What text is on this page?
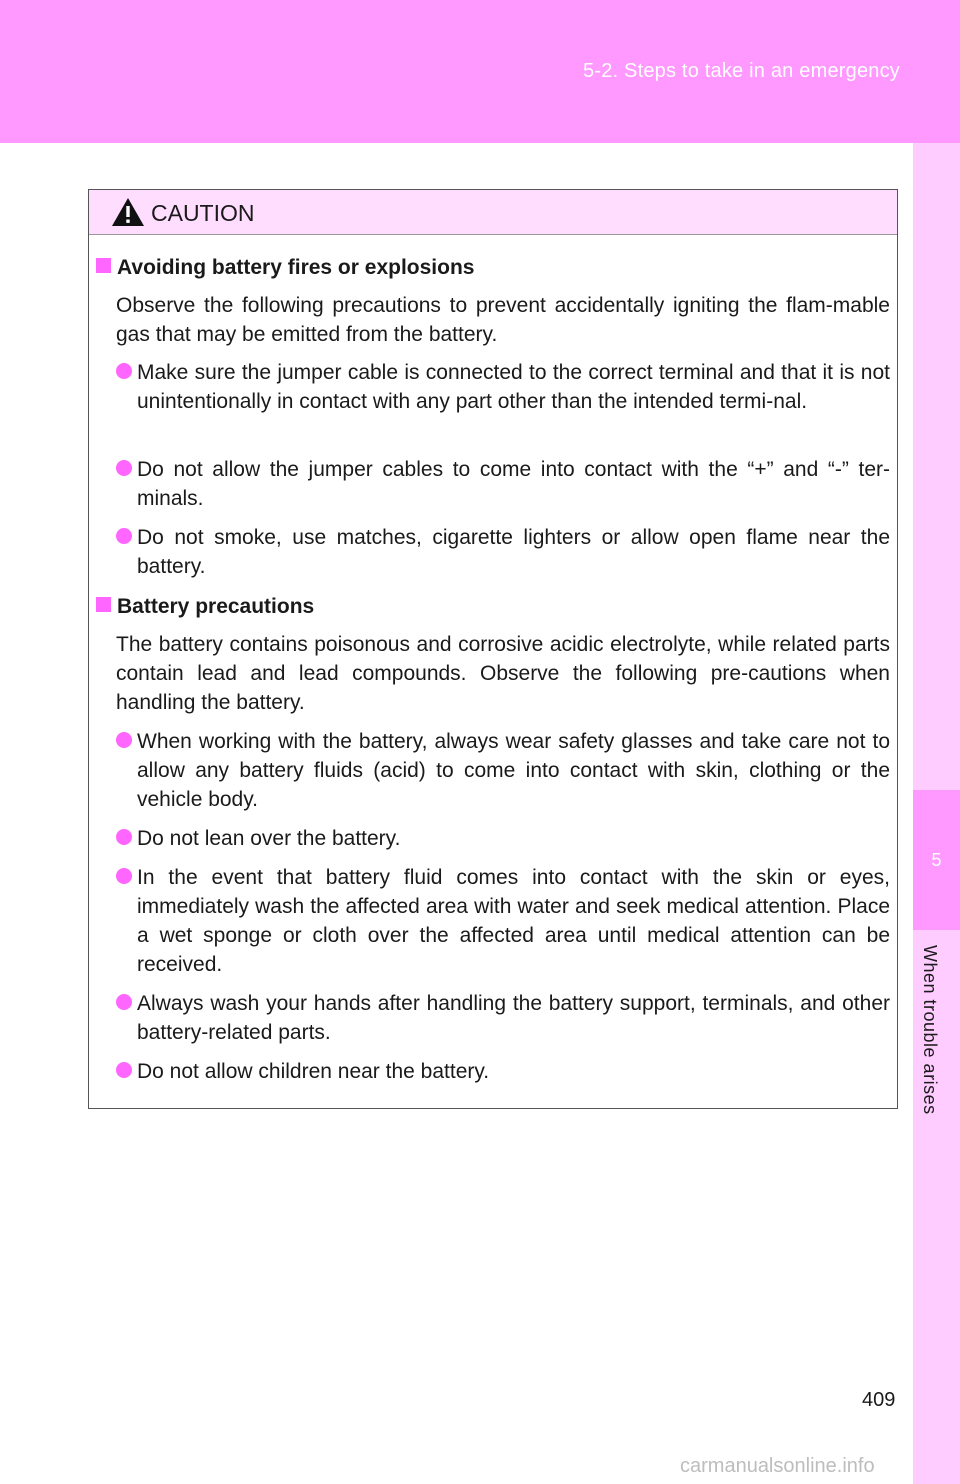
5-2. Steps to take in an emergency
5
When trouble arises
CAUTION
Avoiding battery fires or explosions
Observe the following precautions to prevent accidentally igniting the flam-mable gas that may be emitted from the battery.
Make sure the jumper cable is connected to the correct terminal and that it is not unintentionally in contact with any part other than the intended termi-nal.
Do not allow the jumper cables to come into contact with the “+” and “-” ter-minals.
Do not smoke, use matches, cigarette lighters or allow open flame near the battery.
Battery precautions
The battery contains poisonous and corrosive acidic electrolyte, while related parts contain lead and lead compounds. Observe the following pre-cautions when handling the battery.
When working with the battery, always wear safety glasses and take care not to allow any battery fluids (acid) to come into contact with skin, clothing or the vehicle body.
Do not lean over the battery.
In the event that battery fluid comes into contact with the skin or eyes, immediately wash the affected area with water and seek medical attention. Place a wet sponge or cloth over the affected area until medical attention can be received.
Always wash your hands after handling the battery support, terminals, and other battery-related parts.
Do not allow children near the battery.
409
carmanualsonline.info
